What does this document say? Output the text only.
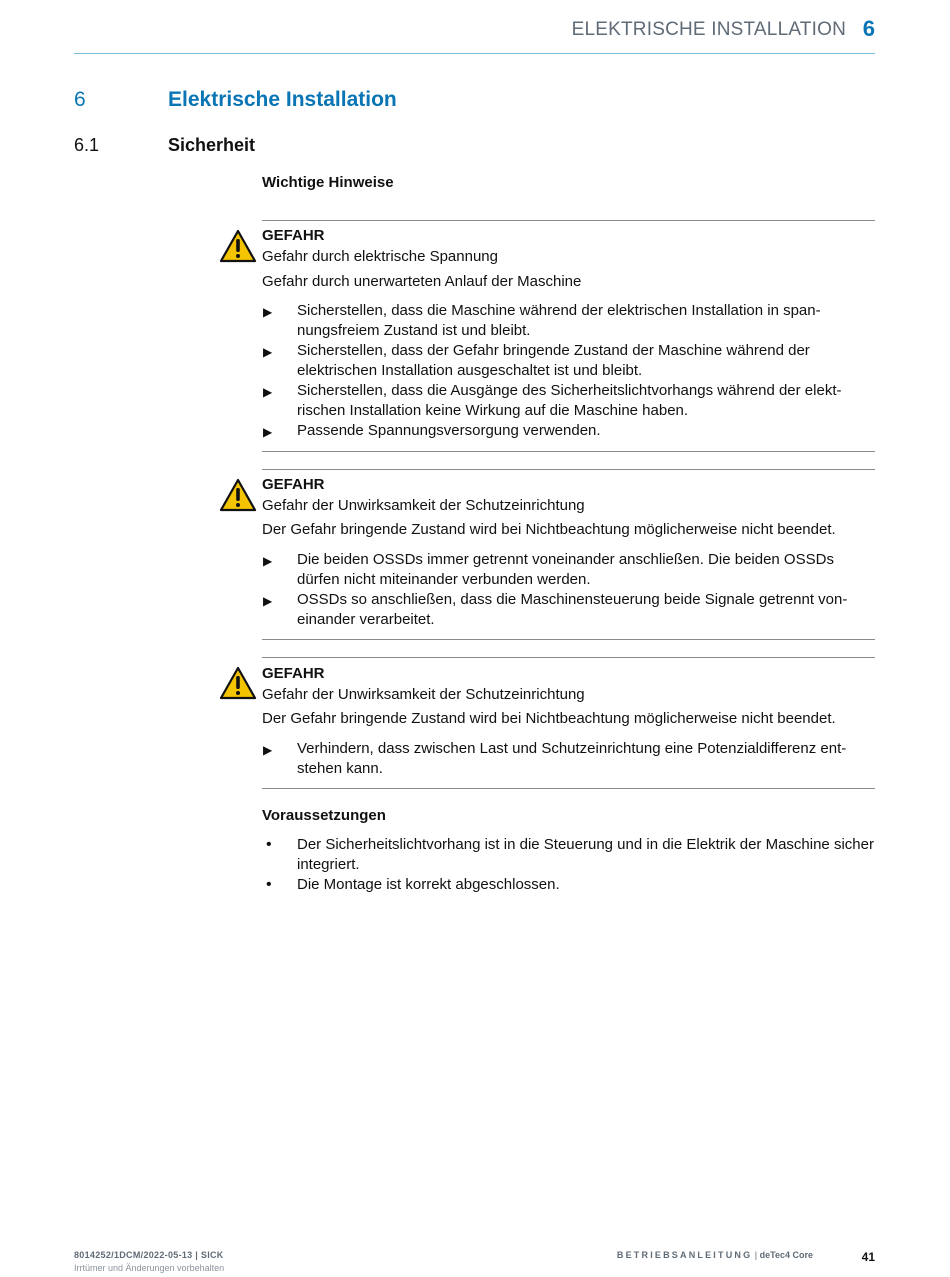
ELEKTRISCHE INSTALLATION 6
6	Elektrische Installation
6.1	Sicherheit
Wichtige Hinweise
GEFAHR
Gefahr durch elektrische Spannung
Gefahr durch unerwarteten Anlauf der Maschine
▶ Sicherstellen, dass die Maschine während der elektrischen Installation in spannungsfreiem Zustand ist und bleibt.
▶ Sicherstellen, dass der Gefahr bringende Zustand der Maschine während der elektrischen Installation ausgeschaltet ist und bleibt.
▶ Sicherstellen, dass die Ausgänge des Sicherheitslichtvorhangs während der elektrischen Installation keine Wirkung auf die Maschine haben.
▶ Passende Spannungsversorgung verwenden.
GEFAHR
Gefahr der Unwirksamkeit der Schutzeinrichtung
Der Gefahr bringende Zustand wird bei Nichtbeachtung möglicherweise nicht beendet.
▶ Die beiden OSSDs immer getrennt voneinander anschließen. Die beiden OSSDs dürfen nicht miteinander verbunden werden.
▶ OSSDs so anschließen, dass die Maschinensteuerung beide Signale getrennt voneinander verarbeitet.
GEFAHR
Gefahr der Unwirksamkeit der Schutzeinrichtung
Der Gefahr bringende Zustand wird bei Nichtbeachtung möglicherweise nicht beendet.
▶ Verhindern, dass zwischen Last und Schutzeinrichtung eine Potenzialdifferenz entstehen kann.
Voraussetzungen
• Der Sicherheitslichtvorhang ist in die Steuerung und in die Elektrik der Maschine sicher integriert.
• Die Montage ist korrekt abgeschlossen.
8014252/1DCM/2022-05-13 | SICK
Irrtümer und Änderungen vorbehalten
BETRIEBSANLEITUNG | deTec4 Core	41
